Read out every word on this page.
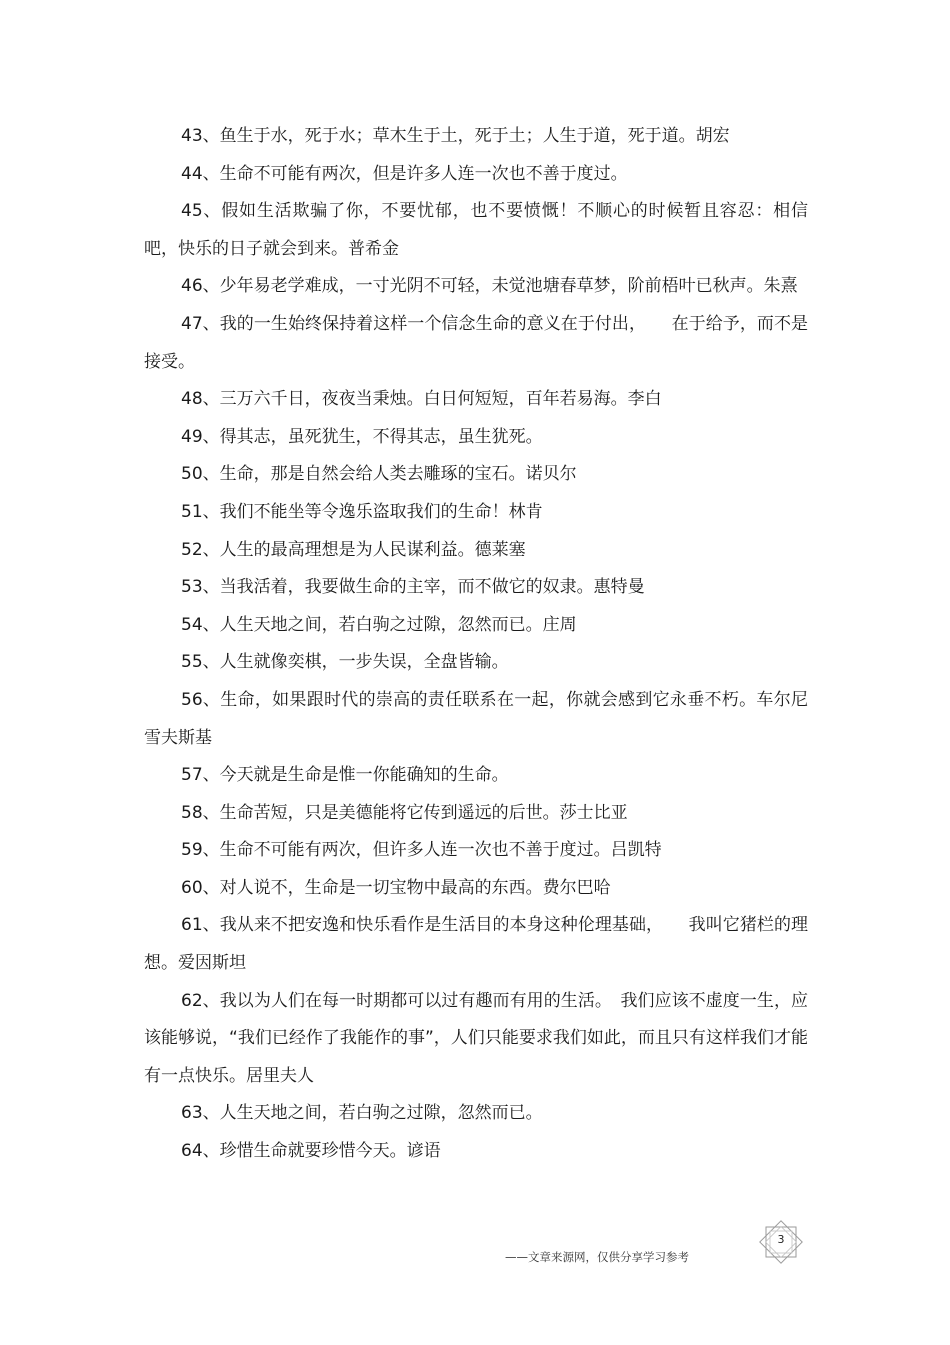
43、鱼生于水，死于水；草木生于土，死于土；人生于道，死于道。胡宏

44、生命不可能有两次，但是许多人连一次也不善于度过。

45、假如生活欺骗了你，不要忧郁，也不要愤慨！不顺心的时候暂且容忍：相信吧，快乐的日子就会到来。普希金

46、少年易老学难成，一寸光阴不可轻，未觉池塘春草梦，阶前梧叶已秋声。朱熹

47、我的一生始终保持着这样一个信念生命的意义在于付出，　　在于给予，而不是接受。

48、三万六千日，夜夜当秉烛。白日何短短，百年若易海。李白

49、得其志，虽死犹生，不得其志，虽生犹死。

50、生命，那是自然会给人类去雕琢的宝石。诺贝尔

51、我们不能坐等令逸乐盗取我们的生命！林肯

52、人生的最高理想是为人民谋利益。德莱塞

53、当我活着，我要做生命的主宰，而不做它的奴隶。惠特曼

54、人生天地之间，若白驹之过隙，忽然而已。庄周

55、人生就像奕棋，一步失误，全盘皆输。

56、生命，如果跟时代的崇高的责任联系在一起，你就会感到它永垂不朽。车尔尼雪夫斯基

57、今天就是生命是惟一你能确知的生命。

58、生命苦短，只是美德能将它传到遥远的后世。莎士比亚

59、生命不可能有两次，但许多人连一次也不善于度过。吕凯特

60、对人说不，生命是一切宝物中最高的东西。费尔巴哈

61、我从来不把安逸和快乐看作是生活目的本身这种伦理基础，　　我叫它猪栏的理想。爱因斯坦

62、我以为人们在每一时期都可以过有趣而有用的生活。　我们应该不虚度一生，应该能够说，“我们已经作了我能作的事”，人们只能要求我们如此，而且只有这样我们才能有一点快乐。居里夫人

63、人生天地之间，若白驹之过隙，忽然而已。

64、珍惜生命就要珍惜今天。谚语

——文章来源网，仅供分享学习参考
3
